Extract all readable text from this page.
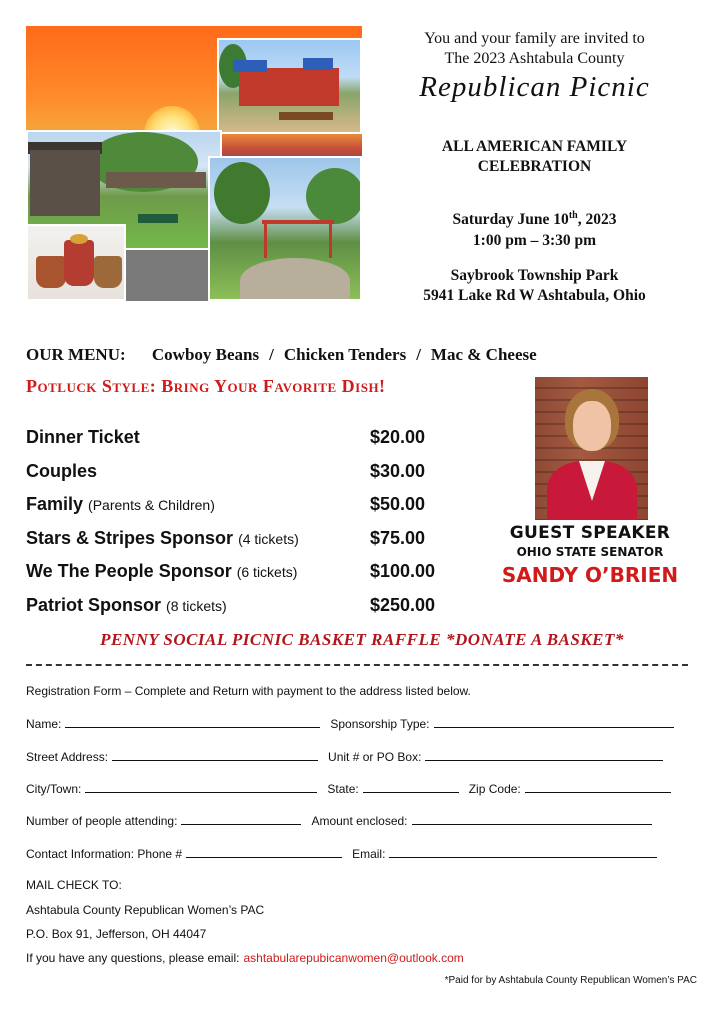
You and your family are invited to
The 2023 Ashtabula County
Republican Picnic
ALL AMERICAN FAMILY
CELEBRATION
Saturday June 10th, 2023
1:00 pm – 3:30 pm
Saybrook Township Park
5941 Lake Rd W Ashtabula, Ohio
OUR MENU: Cowboy Beans / Chicken Tenders / Mac & Cheese
Potluck Style: Bring Your Favorite Dish!
Dinner Ticket	$20.00
Couples	$30.00
Family (Parents & Children)	$50.00
Stars & Stripes Sponsor (4 tickets)	$75.00
We The People Sponsor (6 tickets)	$100.00
Patriot Sponsor (8 tickets)	$250.00
GUEST SPEAKER
OHIO STATE SENATOR
SANDY O’BRIEN
PENNY SOCIAL PICNIC BASKET RAFFLE *DONATE A BASKET*
Registration Form – Complete and Return with payment to the address listed below.
Name:	Sponsorship Type:
Street Address:	Unit # or PO Box:
City/Town:	State:	Zip Code:
Number of people attending:	Amount enclosed:
Contact Information: Phone #	Email:
MAIL CHECK TO:
Ashtabula County Republican Women’s PAC
P.O. Box 91, Jefferson, OH 44047
If you have any questions, please email: ashtabularepubicanwomen@outlook.com
*Paid for by Ashtabula County Republican Women’s PAC
